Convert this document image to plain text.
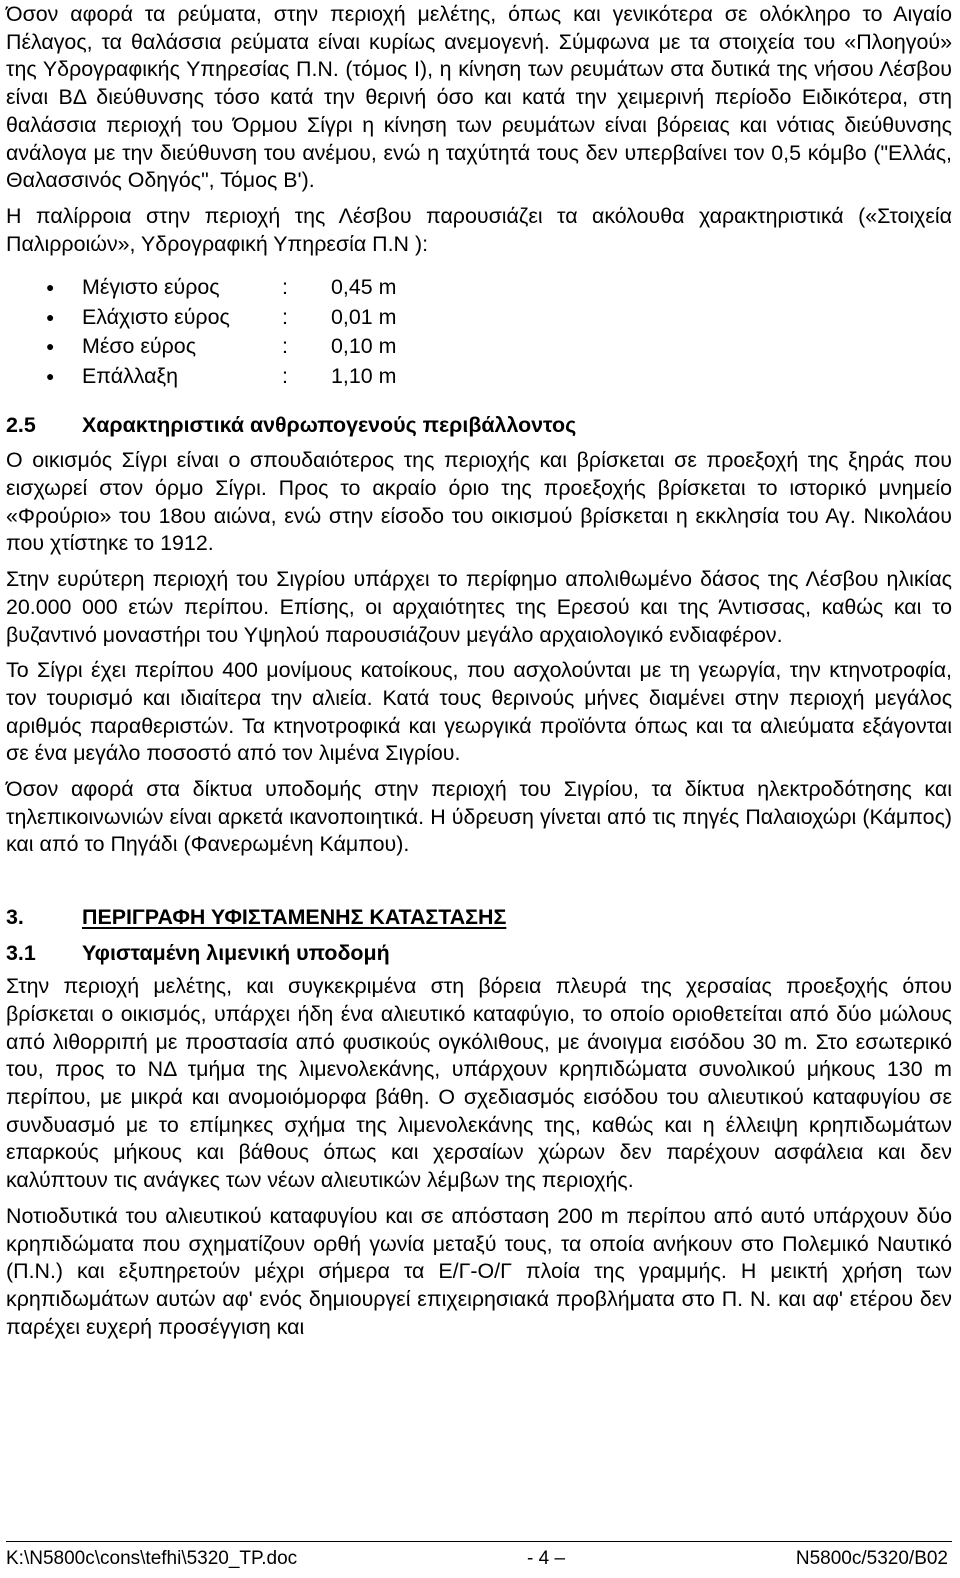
Όσον αφορά τα ρεύματα, στην περιοχή μελέτης, όπως και γενικότερα σε ολόκληρο το Αιγαίο Πέλαγος, τα θαλάσσια ρεύματα είναι κυρίως ανεμογενή. Σύμφωνα με τα στοιχεία του «Πλοηγού» της Υδρογραφικής Υπηρεσίας Π.Ν. (τόμος Ι), η κίνηση των ρευμάτων στα δυτικά της νήσου Λέσβου είναι ΒΔ διεύθυνσης τόσο κατά την θερινή όσο και κατά την χειμερινή περίοδο Ειδικότερα, στη θαλάσσια περιοχή του Όρμου Σίγρι η κίνηση των ρευμάτων είναι βόρειας και νότιας διεύθυνσης ανάλογα με την διεύθυνση του ανέμου, ενώ η ταχύτητά τους δεν υπερβαίνει τον 0,5 κόμβο ("Ελλάς, Θαλασσινός Οδηγός", Τόμος Β').

Η παλίρροια στην περιοχή της Λέσβου παρουσιάζει τα ακόλουθα χαρακτηριστικά («Στοιχεία Παλιρροιών», Υδρογραφική Υπηρεσία Π.Ν ):

● Μέγιστο εύρος	: 0,45 m
● Ελάχιστο εύρος : 0,01 m
● Μέσο εύρος	: 0,10 m
● Επάλλαξη	: 1,10 m
2.5 Χαρακτηριστικά ανθρωπογενούς περιβάλλοντος

Ο οικισμός Σίγρι είναι ο σπουδαιότερος της περιοχής και βρίσκεται σε προεξοχή της ξηράς που εισχωρεί στον όρμο Σίγρι. Προς το ακραίο όριο της προεξοχής βρίσκεται το ιστορικό μνημείο «Φρούριο» του 18ου αιώνα, ενώ στην είσοδο του οικισμού βρίσκεται η εκκλησία του Αγ. Νικολάου που χτίστηκε το 1912.

Στην ευρύτερη περιοχή του Σιγρίου υπάρχει το περίφημο απολιθωμένο δάσος της Λέσβου ηλικίας 20.000 000 ετών περίπου. Επίσης, οι αρχαιότητες της Ερεσού και της Άντισσας, καθώς και το βυζαντινό μοναστήρι του Υψηλού παρουσιάζουν μεγάλο αρχαιολογικό ενδιαφέρον.

Το Σίγρι έχει περίπου 400 μονίμους κατοίκους, που ασχολούνται με τη γεωργία, την κτηνοτροφία, τον τουρισμό και ιδιαίτερα την αλιεία. Κατά τους θερινούς μήνες διαμένει στην περιοχή μεγάλος αριθμός παραθεριστών. Τα κτηνοτροφικά και γεωργικά προϊόντα όπως και τα αλιεύματα εξάγονται σε ένα μεγάλο ποσοστό από τον λιμένα Σιγρίου.

Όσον αφορά στα δίκτυα υποδομής στην περιοχή του Σιγρίου, τα δίκτυα ηλεκτροδότησης και τηλεπικοινωνιών είναι αρκετά ικανοποιητικά. Η ύδρευση γίνεται από τις πηγές Παλαιοχώρι (Κάμπος) και από το Πηγάδι (Φανερωμένη Κάμπου).

3.	ΠΕΡΙΓΡΑΦΗ ΥΦΙΣΤΑΜΕΝΗΣ ΚΑΤΑΣΤΑΣΗΣ
3.1 Υφισταμένη λιμενική υποδομή

Στην περιοχή μελέτης, και συγκεκριμένα στη βόρεια πλευρά της χερσαίας προεξοχής όπου βρίσκεται ο οικισμός, υπάρχει ήδη ένα αλιευτικό καταφύγιο, το οποίο οριοθετείται από δύο μώλους από λιθορριπή με προστασία από φυσικούς ογκόλιθους, με άνοιγμα εισόδου 30 m. Στο εσωτερικό του, προς το ΝΔ τμήμα της λιμενολεκάνης, υπάρχουν κρηπιδώματα συνολικού μήκους 130 m περίπου, με μικρά και ανομοιόμορφα βάθη. Ο σχεδιασμός εισόδου του αλιευτικού καταφυγίου σε συνδυασμό με το επίμηκες σχήμα της λιμενολεκάνης της, καθώς και η έλλειψη κρηπιδωμάτων επαρκούς μήκους και βάθους όπως και χερσαίων χώρων δεν παρέχουν ασφάλεια και δεν καλύπτουν τις ανάγκες των νέων αλιευτικών λέμβων της περιοχής.

Νοτιοδυτικά του αλιευτικού καταφυγίου και σε απόσταση 200 m περίπου από αυτό υπάρχουν δύο κρηπιδώματα που σχηματίζουν ορθή γωνία μεταξύ τους, τα οποία ανήκουν στο Πολεμικό Ναυτικό (Π.Ν.) και εξυπηρετούν μέχρι σήμερα τα Ε/Γ-Ο/Γ πλοία της γραμμής. Η μεικτή χρήση των κρηπιδωμάτων αυτών αφ' ενός δημιουργεί επιχειρησιακά προβλήματα στο Π. Ν. και αφ' ετέρου δεν παρέχει ευχερή προσέγγιση και

K:\N5800c\cons\tefhi\5320_TP.doc	- 4 –	N5800c/5320/B02
